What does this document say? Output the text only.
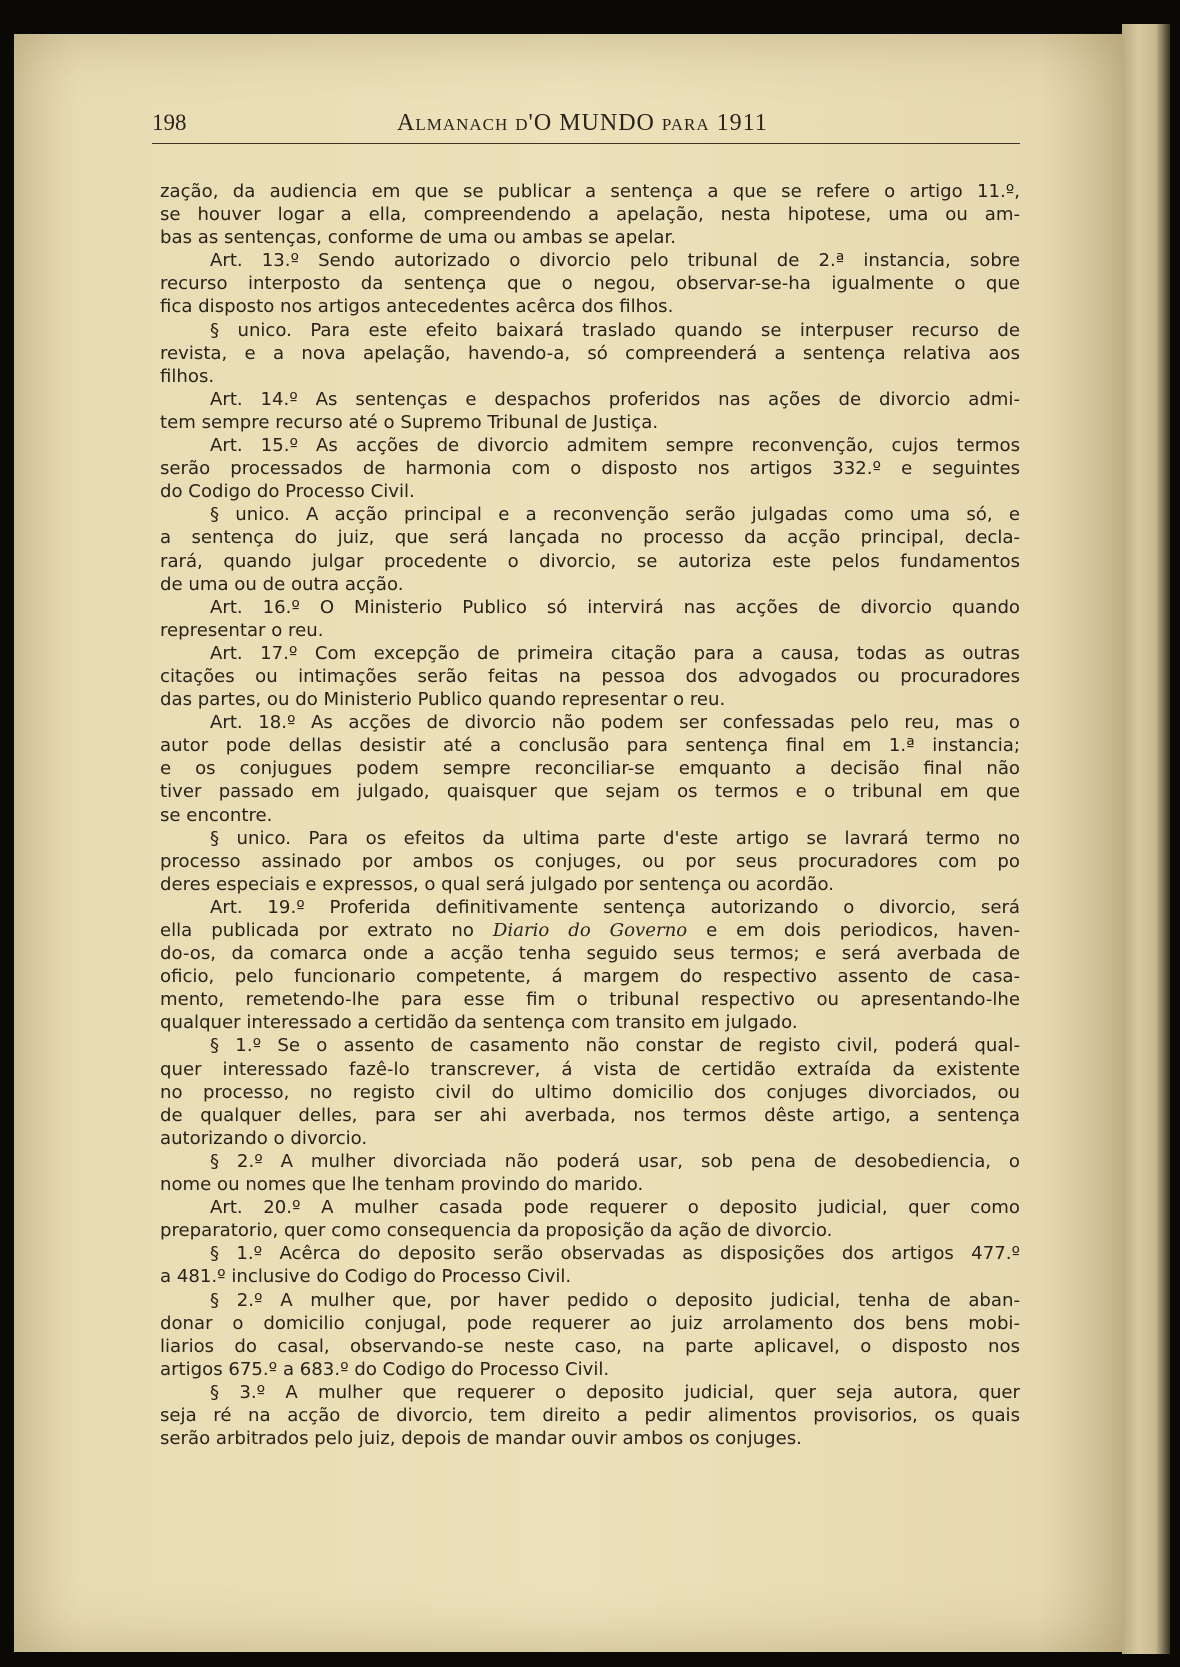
198	Almanach d'O MUNDO para 1911
zação, da audiencia em que se publicar a sentença a que se refere o artigo 11.º,
se houver logar a ella, compreendendo a apelação, nesta hipotese, uma ou am-
bas as sentenças, conforme de uma ou ambas se apelar.
Art. 13.º Sendo autorizado o divorcio pelo tribunal de 2.ª instancia, sobre
recurso interposto da sentença que o negou, observar-se-ha igualmente o que
fica disposto nos artigos antecedentes acêrca dos filhos.
§ unico. Para este efeito baixará traslado quando se interpuser recurso de
revista, e a nova apelação, havendo-a, só compreenderá a sentença relativa aos
filhos.
Art. 14.º As sentenças e despachos proferidos nas ações de divorcio admi-
tem sempre recurso até o Supremo Tribunal de Justiça.
Art. 15.º As acções de divorcio admitem sempre reconvenção, cujos termos
serão processados de harmonia com o disposto nos artigos 332.º e seguintes
do Codigo do Processo Civil.
§ unico. A acção principal e a reconvenção serão julgadas como uma só, e
a sentença do juiz, que será lançada no processo da acção principal, decla-
rará, quando julgar procedente o divorcio, se autoriza este pelos fundamentos
de uma ou de outra acção.
Art. 16.º O Ministerio Publico só intervirá nas acções de divorcio quando
representar o reu.
Art. 17.º Com excepção de primeira citação para a causa, todas as outras
citações ou intimações serão feitas na pessoa dos advogados ou procuradores
das partes, ou do Ministerio Publico quando representar o reu.
Art. 18.º As acções de divorcio não podem ser confessadas pelo reu, mas o
autor pode dellas desistir até a conclusão para sentença final em 1.ª instancia;
e os conjugues podem sempre reconciliar-se emquanto a decisão final não
tiver passado em julgado, quaisquer que sejam os termos e o tribunal em que
se encontre.
§ unico. Para os efeitos da ultima parte d'este artigo se lavrará termo no
processo assinado por ambos os conjuges, ou por seus procuradores com po
deres especiais e expressos, o qual será julgado por sentença ou acordão.
Art. 19.º Proferida definitivamente sentença autorizando o divorcio, será
ella publicada por extrato no Diario do Governo e em dois periodicos, haven-
do-os, da comarca onde a acção tenha seguido seus termos; e será averbada de
oficio, pelo funcionario competente, á margem do respectivo assento de casa-
mento, remetendo-lhe para esse fim o tribunal respectivo ou apresentando-lhe
qualquer interessado a certidão da sentença com transito em julgado.
§ 1.º Se o assento de casamento não constar de registo civil, poderá qual-
quer interessado fazê-lo transcrever, á vista de certidão extraída da existente
no processo, no registo civil do ultimo domicilio dos conjuges divorciados, ou
de qualquer delles, para ser ahi averbada, nos termos dêste artigo, a sentença
autorizando o divorcio.
§ 2.º A mulher divorciada não poderá usar, sob pena de desobediencia, o
nome ou nomes que lhe tenham provindo do marido.
Art. 20.º A mulher casada pode requerer o deposito judicial, quer como
preparatorio, quer como consequencia da proposição da ação de divorcio.
§ 1.º Acêrca do deposito serão observadas as disposições dos artigos 477.º
a 481.º inclusive do Codigo do Processo Civil.
§ 2.º A mulher que, por haver pedido o deposito judicial, tenha de aban-
donar o domicilio conjugal, pode requerer ao juiz arrolamento dos bens mobi-
liarios do casal, observando-se neste caso, na parte aplicavel, o disposto nos
artigos 675.º a 683.º do Codigo do Processo Civil.
§ 3.º A mulher que requerer o deposito judicial, quer seja autora, quer
seja ré na acção de divorcio, tem direito a pedir alimentos provisorios, os quais
serão arbitrados pelo juiz, depois de mandar ouvir ambos os conjuges.
